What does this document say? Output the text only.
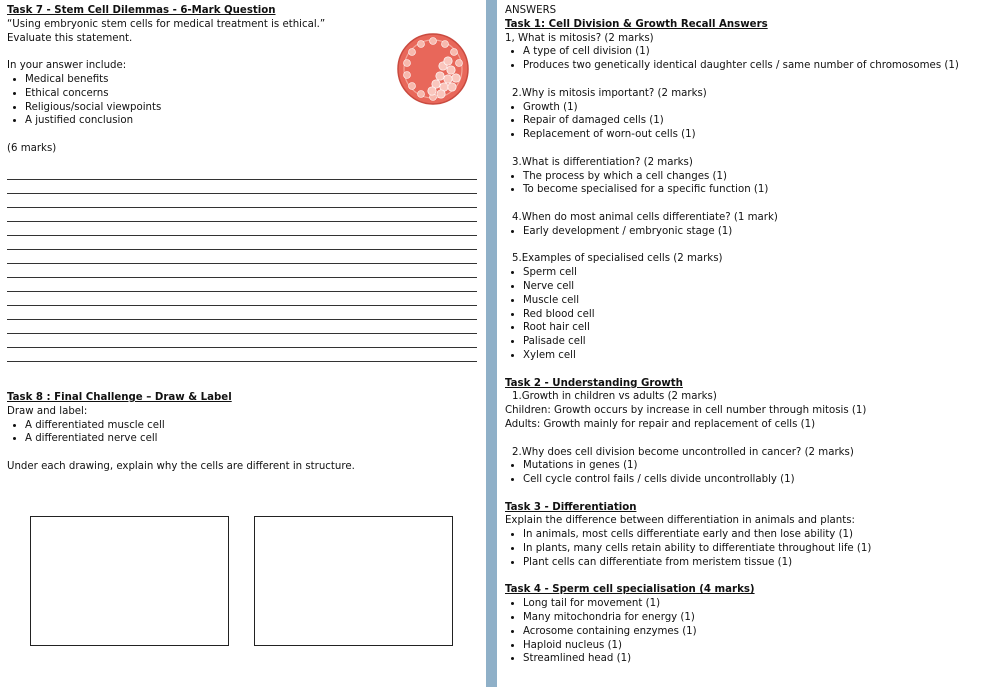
Task 7 - Stem Cell Dilemmas - 6-Mark Question
“Using embryonic stem cells for medical treatment is ethical.”
Evaluate this statement.
In your answer include:
• Medical benefits
• Ethical concerns
• Religious/social viewpoints
• A justified conclusion
(6 marks)
Task 8 : Final Challenge – Draw & Label
Draw and label:
• A differentiated muscle cell
• A differentiated nerve cell
Under each drawing, explain why the cells are different in structure.
ANSWERS
Task 1: Cell Division & Growth Recall Answers
1, What is mitosis? (2 marks)
• A type of cell division (1)
• Produces two genetically identical daughter cells / same number of chromosomes (1)
2.Why is mitosis important? (2 marks)
• Growth (1)
• Repair of damaged cells (1)
• Replacement of worn-out cells (1)
3.What is differentiation? (2 marks)
• The process by which a cell changes (1)
• To become specialised for a specific function (1)
4.When do most animal cells differentiate? (1 mark)
• Early development / embryonic stage (1)
5.Examples of specialised cells (2 marks)
• Sperm cell
• Nerve cell
• Muscle cell
• Red blood cell
• Root hair cell
• Palisade cell
• Xylem cell
Task 2 - Understanding Growth
1.Growth in children vs adults (2 marks)
Children: Growth occurs by increase in cell number through mitosis (1)
Adults: Growth mainly for repair and replacement of cells (1)
2.Why does cell division become uncontrolled in cancer? (2 marks)
• Mutations in genes (1)
• Cell cycle control fails / cells divide uncontrollably (1)
Task 3 - Differentiation
Explain the difference between differentiation in animals and plants:
• In animals, most cells differentiate early and then lose ability (1)
• In plants, many cells retain ability to differentiate throughout life (1)
• Plant cells can differentiate from meristem tissue (1)
Task 4 - Sperm cell specialisation (4 marks)
• Long tail for movement (1)
• Many mitochondria for energy (1)
• Acrosome containing enzymes (1)
• Haploid nucleus (1)
• Streamlined head (1)
